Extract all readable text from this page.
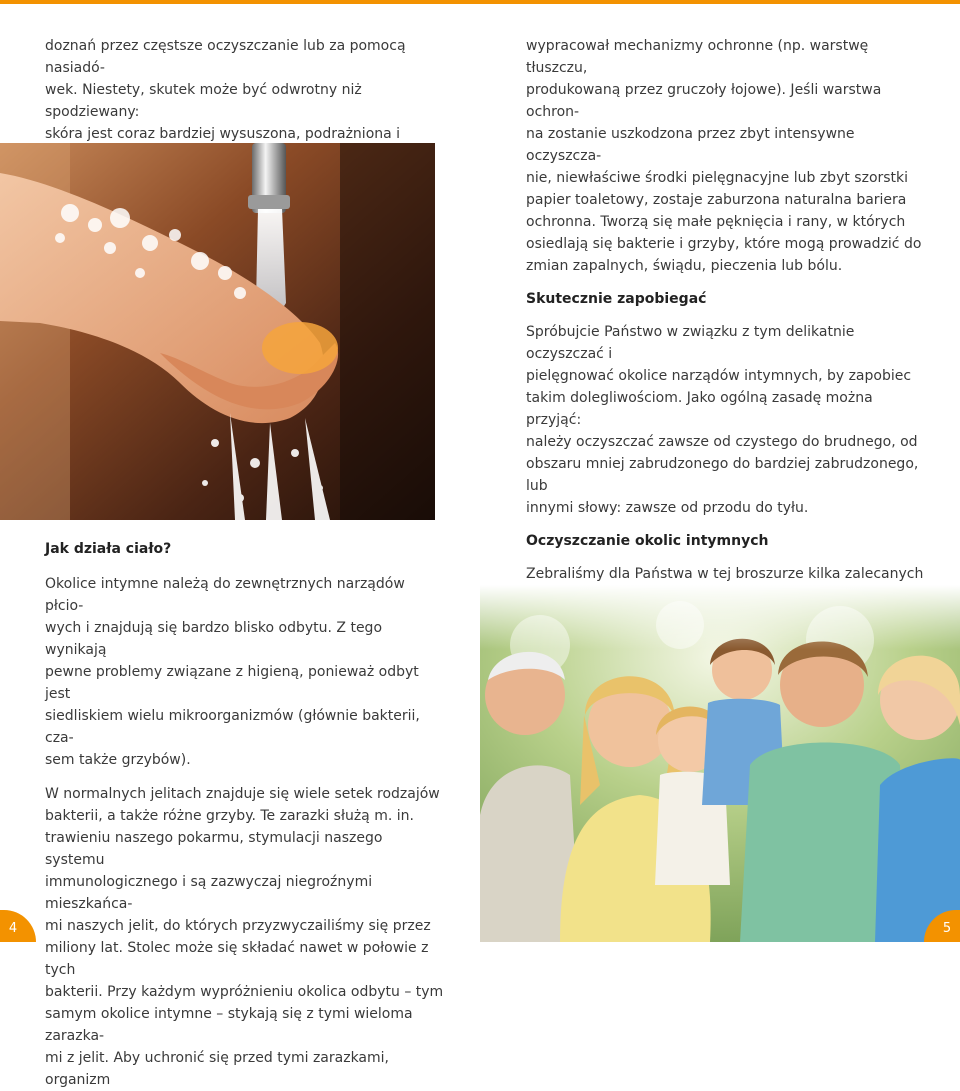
doznań przez częstsze oczyszczanie lub za pomocą nasiadó-
wek. Niestety, skutek może być odwrotny niż spodziewany:
skóra jest coraz bardziej wysuszona, podrażniona i

Jak działa ciało?

Okolice intymne należą do zewnętrznych narządów płcio-
wych i znajdują się bardzo blisko odbytu. Z tego wynikają
pewne problemy związane z higieną, ponieważ odbyt jest
siedliskiem wielu mikroorganizmów (głównie bakterii, cza-
sem także grzybów).

W normalnych jelitach znajduje się wiele setek rodzajów
bakterii, a także różne grzyby. Te zarazki służą m. in.
trawieniu naszego pokarmu, stymulacji naszego systemu
immunologicznego i są zazwyczaj niegroźnymi mieszkańca-
mi naszych jelit, do których przyzwyczailiśmy się przez
miliony lat. Stolec może się składać nawet w połowie z tych
bakterii. Przy każdym wypróżnieniu okolica odbytu – tym
samym okolice intymne – stykają się z tymi wieloma zarazka-
mi z jelit. Aby uchronić się przed tymi zarazkami, organizm

wypracował mechanizmy ochronne (np. warstwę tłuszczu,
produkowaną przez gruczoły łojowe). Jeśli warstwa ochron-
na zostanie uszkodzona przez zbyt intensywne oczyszcza-
nie, niewłaściwe środki pielęgnacyjne lub zbyt szorstki
papier toaletowy, zostaje zaburzona naturalna bariera
ochronna. Tworzą się małe pęknięcia i rany, w których
osiedlają się bakterie i grzyby, które mogą prowadzić do
zmian zapalnych, świądu, pieczenia lub bólu.

Skutecznie zapobiegać

Spróbujcie Państwo w związku z tym delikatnie oczyszczać i
pielęgnować okolice narządów intymnych, by zapobiec
takim dolegliwościom. Jako ogólną zasadę można przyjąć:
należy oczyszczać zawsze od czystego do brudnego, od
obszaru mniej zabrudzonego do bardziej zabrudzonego, lub
innymi słowy: zawsze od przodu do tyłu.

Oczyszczanie okolic intymnych

Zebraliśmy dla Państwa w tej broszurze kilka zalecanych

4	5
